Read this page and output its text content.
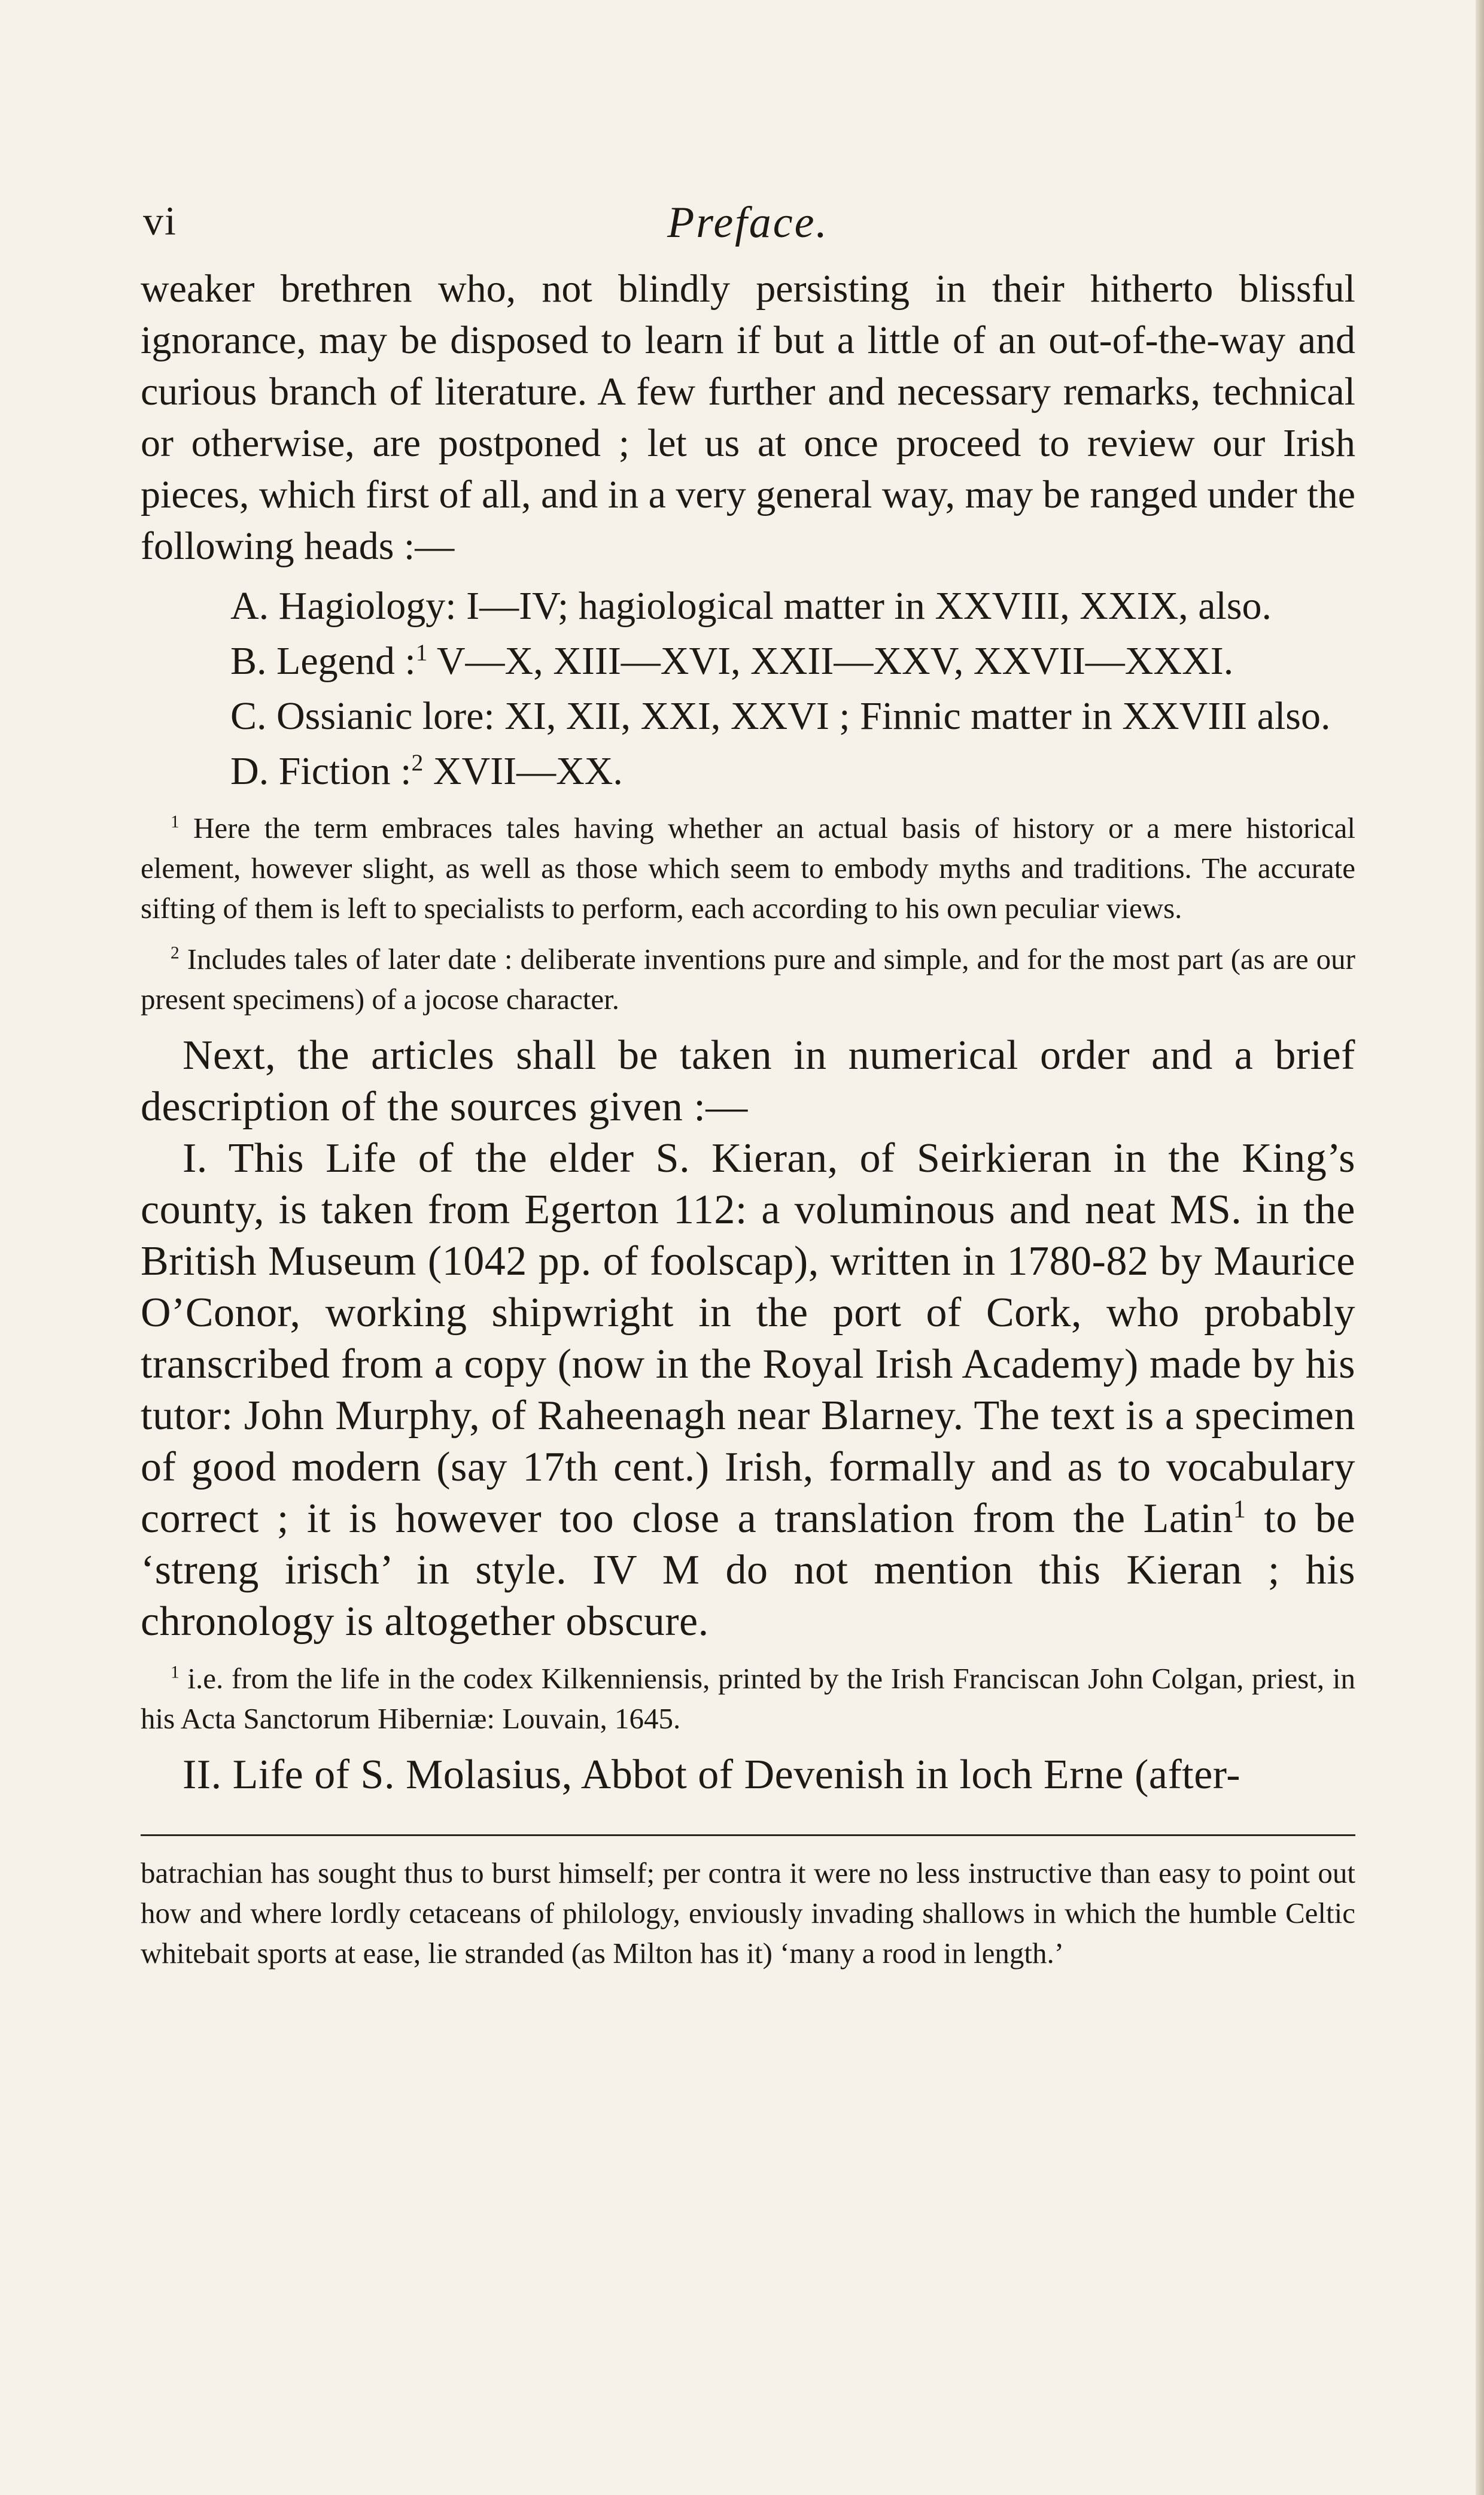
vi	Preface.

weaker brethren who, not blindly persisting in their hitherto blissful ignorance, may be disposed to learn if but a little of an out-of-the-way and curious branch of literature. A few further and necessary remarks, technical or otherwise, are postponed ; let us at once proceed to review our Irish pieces, which first of all, and in a very general way, may be ranged under the following heads :—

A. Hagiology: I—IV; hagiological matter in XXVIII, XXIX, also.

B. Legend :$^1$ V—X, XIII—XVI, XXII—XXV, XXVII—XXXI.

C. Ossianic lore: XI, XII, XXI, XXVI ; Finnic matter in XXVIII also.

D. Fiction :$^2$ XVII—XX.

$^1$ Here the term embraces tales having whether an actual basis of history or a mere historical element, however slight, as well as those which seem to embody myths and traditions. The accurate sifting of them is left to specialists to perform, each according to his own peculiar views.

$^2$ Includes tales of later date : deliberate inventions pure and simple, and for the most part (as are our present specimens) of a jocose character.

Next, the articles shall be taken in numerical order and a brief description of the sources given :—

I. This Life of the elder S. Kieran, of Seirkieran in the King’s county, is taken from Egerton 112: a voluminous and neat MS. in the British Museum (1042 pp. of foolscap), written in 1780-82 by Maurice O’Conor, working shipwright in the port of Cork, who probably transcribed from a copy (now in the Royal Irish Academy) made by his tutor: John Murphy, of Raheenagh near Blarney. The text is a specimen of good modern (say 17th cent.) Irish, formally and as to vocabulary correct ; it is however too close a translation from the Latin$^1$ to be ‘streng irisch’ in style. IV M do not mention this Kieran ; his chronology is altogether obscure.

$^1$ i.e. from the life in the codex Kilkenniensis, printed by the Irish Franciscan John Colgan, priest, in his Acta Sanctorum Hiberniæ: Louvain, 1645.

II. Life of S. Molasius, Abbot of Devenish in loch Erne (after-

batrachian has sought thus to burst himself; per contra it were no less instructive than easy to point out how and where lordly cetaceans of philology, enviously invading shallows in which the humble Celtic whitebait sports at ease, lie stranded (as Milton has it) ‘many a rood in length.’
